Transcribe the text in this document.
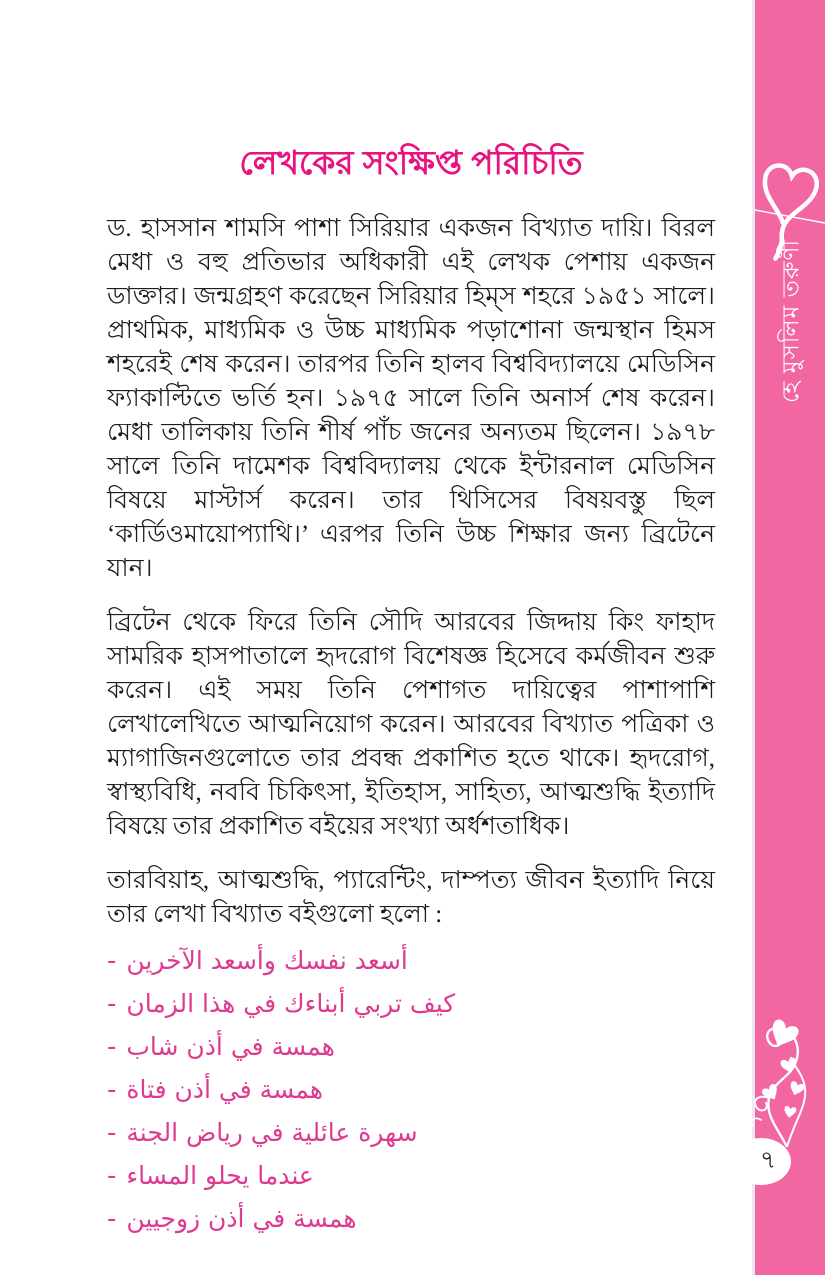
লেখকের সংক্ষিপ্ত পরিচিতি

ড. হাসসান শামসি পাশা সিরিয়ার একজন বিখ্যাত দায়ি। বিরল মেধা ও বহু প্রতিভার অধিকারী এই লেখক পেশায় একজন ডাক্তার। জন্মগ্রহণ করেছেন সিরিয়ার হিম্‌স শহরে ১৯৫১ সালে। প্রাথমিক, মাধ্যমিক ও উচ্চ মাধ্যমিক পড়াশোনা জন্মস্থান হিমস শহরেই শেষ করেন। তারপর তিনি হালব বিশ্ববিদ্যালয়ে মেডিসিন ফ্যাকাল্টিতে ভর্তি হন। ১৯৭৫ সালে তিনি অনার্স শেষ করেন। মেধা তালিকায় তিনি শীর্ষ পাঁচ জনের অন্যতম ছিলেন। ১৯৭৮ সালে তিনি দামেশক বিশ্ববিদ্যালয় থেকে ইন্টারনাল মেডিসিন বিষয়ে মাস্টার্স করেন। তার থিসিসের বিষয়বস্তু ছিল ‘কার্ডিওমায়োপ্যাথি।’ এরপর তিনি উচ্চ শিক্ষার জন্য ব্রিটেনে যান।

ব্রিটেন থেকে ফিরে তিনি সৌদি আরবের জিদ্দায় কিং ফাহাদ সামরিক হাসপাতালে হৃদরোগ বিশেষজ্ঞ হিসেবে কর্মজীবন শুরু করেন। এই সময় তিনি পেশাগত দায়িত্বের পাশাপাশি লেখালেখিতে আত্মনিয়োগ করেন। আরবের বিখ্যাত পত্রিকা ও ম্যাগাজিনগুলোতে তার প্রবন্ধ প্রকাশিত হতে থাকে। হৃদরোগ, স্বাস্থ্যবিধি, নববি চিকিৎসা, ইতিহাস, সাহিত্য, আত্মশুদ্ধি ইত্যাদি বিষয়ে তার প্রকাশিত বইয়ের সংখ্যা অর্ধশতাধিক।

তারবিয়াহ, আত্মশুদ্ধি, প্যারেন্টিং, দাম্পত্য জীবন ইত্যাদি নিয়ে তার লেখা বিখ্যাত বইগুলো হলো :

- أسعد نفسك وأسعد الآخرين
- كيف تربي أبناءك في هذا الزمان
- همسة في أذن شاب
- همسة في أذن فتاة
- سهرة عائلية في رياض الجنة
- عندما يحلو المساء
- همسة في أذن زوجيين
হে মুসলিম তরুণী
৭
